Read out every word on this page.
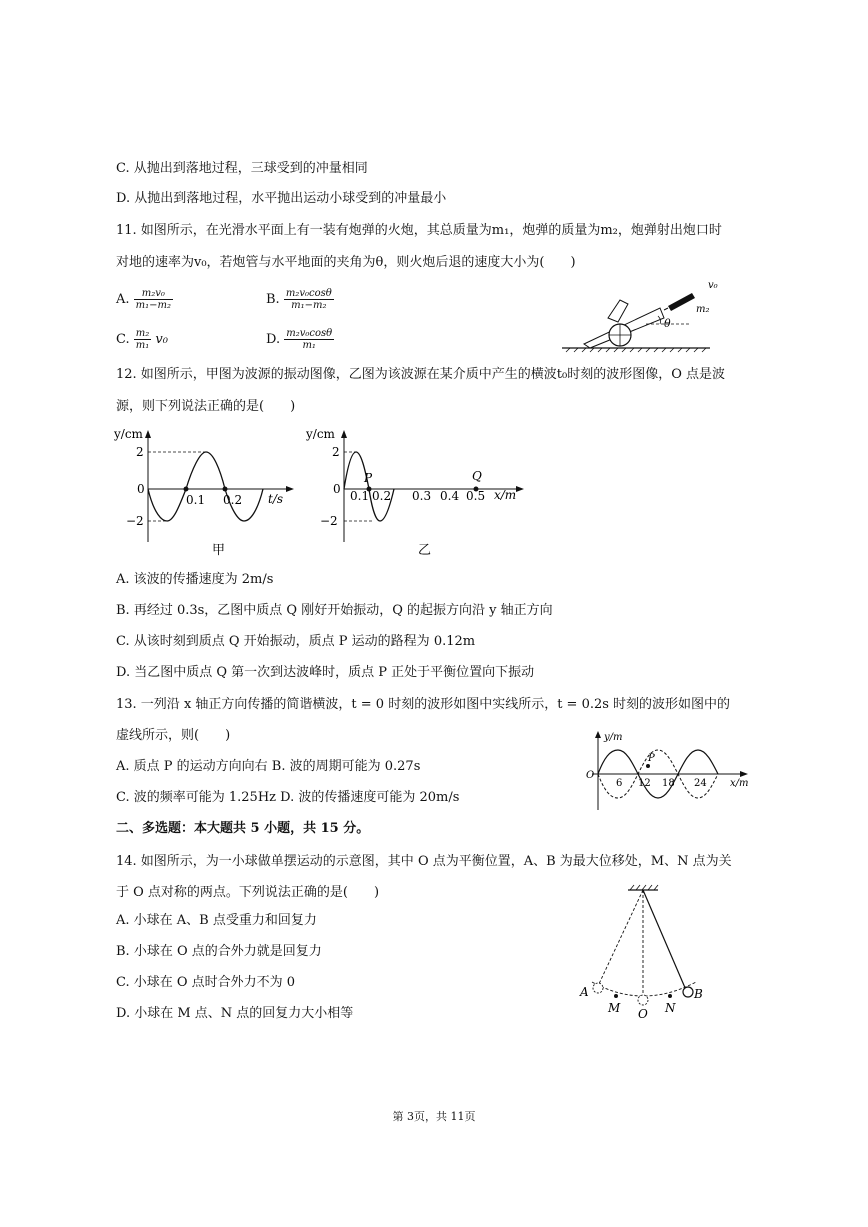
C. 从抛出到落地过程，三球受到的冲量相同
D. 从抛出到落地过程，水平抛出运动小球受到的冲量最小
11. 如图所示，在光滑水平面上有一装有炮弹的火炮，其总质量为m₁，炮弹的质量为m₂，炮弹射出炮口时
对地的速率为v₀，若炮管与水平地面的夹角为θ，则火炮后退的速度大小为(　　)
A. $\frac{\text{m₂v₀}}{\text{m₁−m₂}}$	B. $\frac{\text{m₂v₀cosθ}}{\text{m₁−m₂}}$
C. $\frac{\text{m₂}}{\text{m₁}} v_0$	D. $\frac{\text{m₂v₀cosθ}}{\text{m₁}}$
θ
v₀
m₂
12. 如图所示，甲图为波源的振动图像，乙图为该波源在某介质中产生的横波t₀时刻的波形图像，O 点是波
源，则下列说法正确的是(　　)
y/cm
t/s
2
0
−2
0.1 0.2
甲
y/cm
x/m
2
0
−2
P	Q
0.1 0.2 0.3 0.4 0.5
乙
A. 该波的传播速度为 2m/s
B. 再经过 0.3s，乙图中质点 Q 刚好开始振动，Q 的起振方向沿 y 轴正方向
C. 从该时刻到质点 Q 开始振动，质点 P 运动的路程为 0.12m
D. 当乙图中质点 Q 第一次到达波峰时，质点 P 正处于平衡位置向下振动
13. 一列沿 x 轴正方向传播的简谐横波，t = 0 时刻的波形如图中实线所示，t = 0.2s 时刻的波形如图中的
虚线所示，则(　　)
A. 质点 P 的运动方向向右 B. 波的周期可能为 0.27s
C. 波的频率可能为 1.25Hz D. 波的传播速度可能为 20m/s
y/m
x/m
O
P
6 12 18 24
二、多选题：本大题共 5 小题，共 15 分。
14. 如图所示，为一小球做单摆运动的示意图，其中 O 点为平衡位置，A、B 为最大位移处，M、N 点为关
于 O 点对称的两点。下列说法正确的是(　　)
A. 小球在 A、B 点受重力和回复力
B. 小球在 O 点的合外力就是回复力
C. 小球在 O 点时合外力不为 0
D. 小球在 M 点、N 点的回复力大小相等
A	B
M O N
第 3页，共 11页
